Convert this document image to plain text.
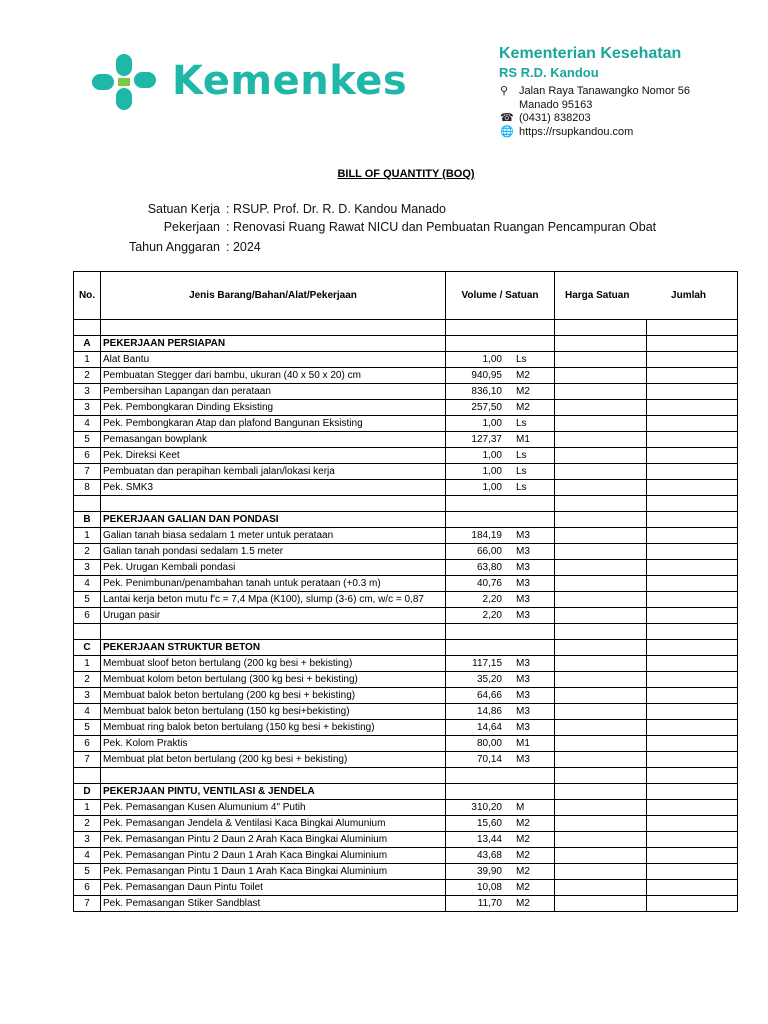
Kemenkes
Kementerian Kesehatan
RS R.D. Kandou
⚲ Jalan Raya Tanawangko Nomor 56
Manado 95163
☎ (0431) 838203
🌐 https://rsupkandou.com
BILL OF QUANTITY (BOQ)
Satuan Kerja : RSUP. Prof. Dr. R. D. Kandou Manado
Pekerjaan : Renovasi Ruang Rawat NICU dan Pembuatan Ruangan Pencampuran Obat
Tahun Anggaran : 2024
No.	Jenis Barang/Bahan/Alat/Pekerjaan	Volume / Satuan	Harga Satuan Jumlah	

A	PEKERJAAN PERSIAPAN			
1	Alat Bantu	1,00 Ls		

2	Pembuatan Stegger dari bambu, ukuran (40 x 50 x 20) cm	940,95 M2		

3	Pembersihan Lapangan dan perataan	836,10 M2		

3	Pek. Pembongkaran Dinding Eksisting	257,50 M2		

4	Pek. Pembongkaran Atap dan plafond Bangunan Eksisting	1,00 Ls		

5	Pemasangan bowplank	127,37 M1		

6	Pek. Direksi Keet	1,00 Ls		

7	Pembuatan dan perapihan kembali jalan/lokasi kerja	1,00 Ls		

8	Pek. SMK3	1,00 Ls		

B	PEKERJAAN GALIAN DAN PONDASI			
1	Galian tanah biasa sedalam 1 meter untuk perataan	184,19 M3		

2	Galian tanah pondasi sedalam 1.5 meter	66,00 M3		

3	Pek. Urugan Kembali pondasi	63,80 M3		

4	Pek. Penimbunan/penambahan tanah untuk perataan (+0.3 m)	40,76 M3		

5	Lantai kerja beton mutu f'c = 7,4 Mpa (K100), slump (3-6) cm, w/c = 0,87	2,20 M3		

6	Urugan pasir	2,20 M3		

C	PEKERJAAN STRUKTUR BETON			
1	Membuat sloof beton bertulang (200 kg besi + bekisting)	117,15 M3		

2	Membuat kolom beton bertulang (300 kg besi + bekisting)	35,20 M3		

3	Membuat balok beton bertulang (200 kg besi + bekisting)	64,66 M3		

4	Membuat balok beton bertulang (150 kg besi+bekisting)	14,86 M3		

5	Membuat ring balok beton bertulang (150 kg besi + bekisting)	14,64 M3		

6	Pek. Kolom Praktis	80,00 M1		

7	Membuat plat beton bertulang (200 kg besi + bekisting)	70,14 M3		

D	PEKERJAAN PINTU, VENTILASI & JENDELA			
1	Pek. Pemasangan Kusen Alumunium 4" Putih	310,20 M		

2	Pek. Pemasangan Jendela & Ventilasi Kaca Bingkai Alumunium	15,60 M2		

3	Pek. Pemasangan Pintu 2 Daun 2 Arah Kaca Bingkai Aluminium	13,44 M2		

4	Pek. Pemasangan Pintu 2 Daun 1 Arah Kaca Bingkai Aluminium	43,68 M2		

5	Pek. Pemasangan Pintu 1 Daun 1 Arah Kaca Bingkai Aluminium	39,90 M2		

6	Pek. Pemasangan Daun Pintu Toilet	10,08 M2		

7	Pek. Pemasangan Stiker Sandblast	11,70 M2		
